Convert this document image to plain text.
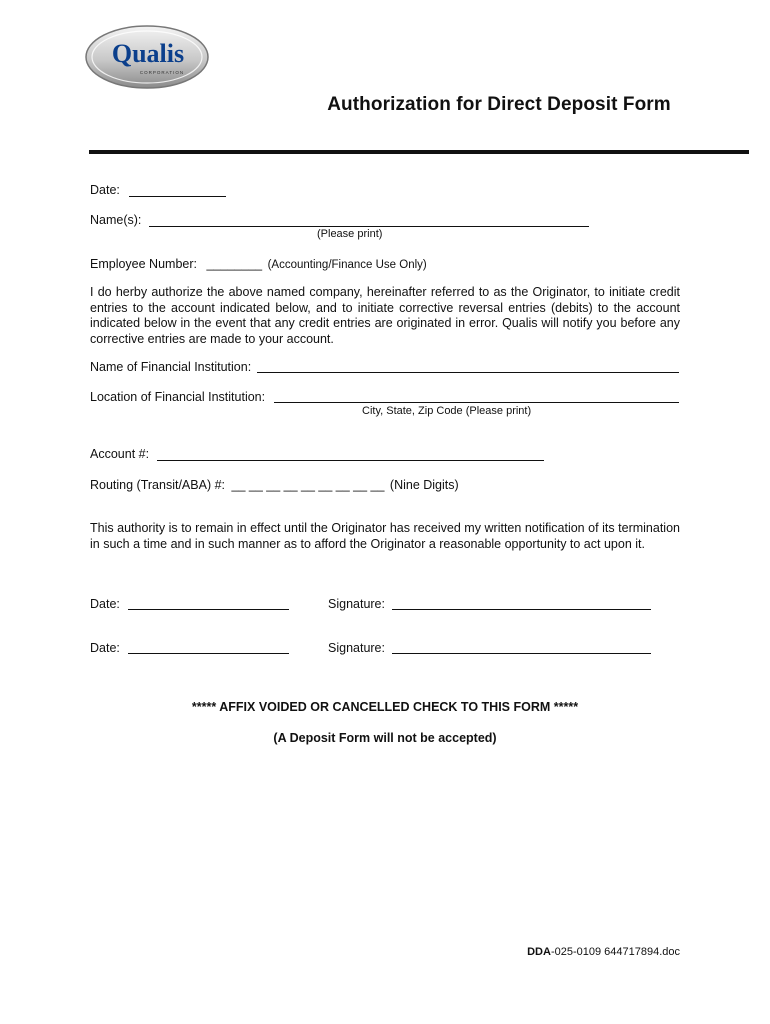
Qualis
CORPORATION
Authorization for Direct Deposit Form
Date:
Name(s):
(Please print)
Employee Number: ________ (Accounting/Finance Use Only)
I do herby authorize the above named company, hereinafter referred to as the Originator, to initiate credit entries to the account indicated below, and to initiate corrective reversal entries (debits) to the account indicated below in the event that any credit entries are originated in error. Qualis will notify you before any corrective entries are made to your account.
Name of Financial Institution:
Location of Financial Institution:
City, State, Zip Code (Please print)
Account #:
Routing (Transit/ABA) #: __ __ __ __ __ __ __ __ __ (Nine Digits)
This authority is to remain in effect until the Originator has received my written notification of its termination in such a time and in such manner as to afford the Originator a reasonable opportunity to act upon it.
Date:	Signature:
Date:	Signature:
***** AFFIX VOIDED OR CANCELLED CHECK TO THIS FORM *****
(A Deposit Form will not be accepted)
DDA-025-0109 644717894.doc
